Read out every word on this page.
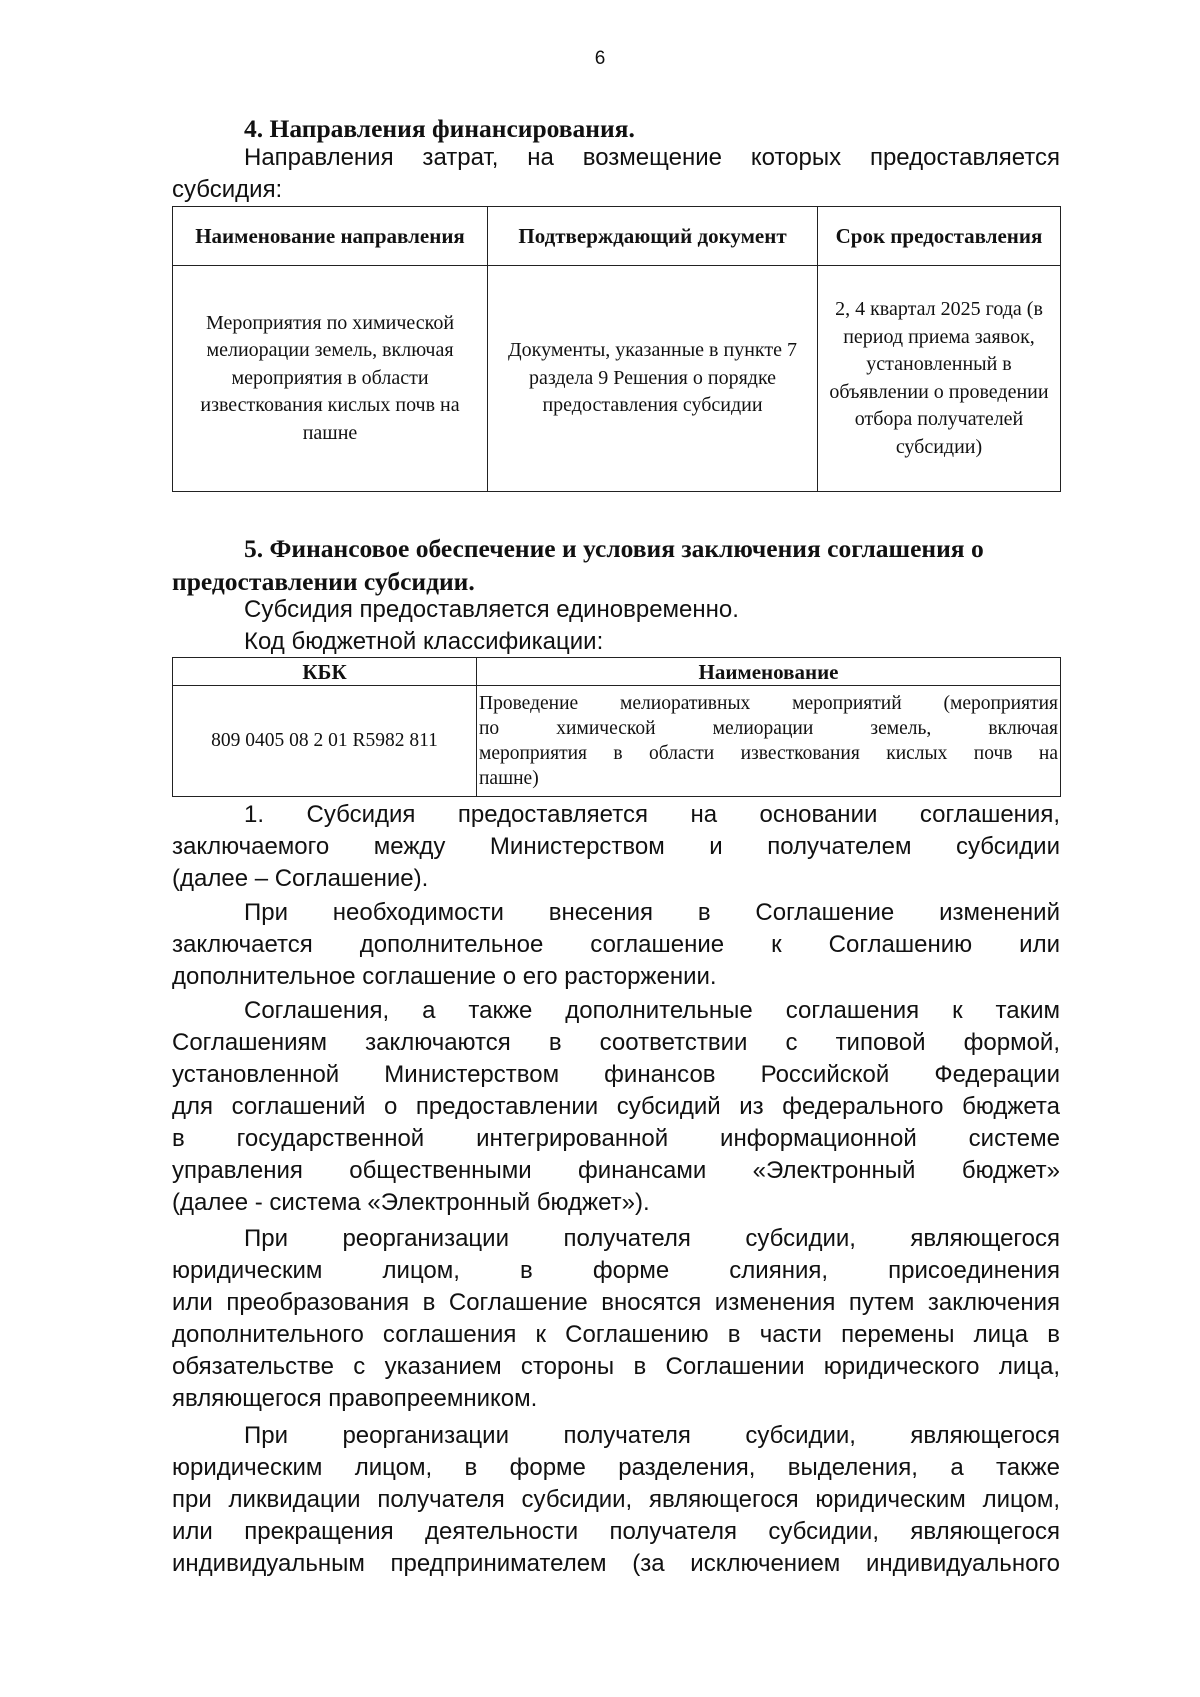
6
4. Направления финансирования.
Направления затрат, на возмещение которых предоставляется
субсидия:
Наименование направления	Подтверждающий документ	Срок предоставления
Мероприятия по химической мелиорации земель, включая мероприятия в области известкования кислых почв на пашне	Документы, указанные в пункте 7 раздела 9 Решения о порядке предоставления субсидии	2, 4 квартал 2025 года (в период приема заявок, установленный в объявлении о проведении отбора получателей субсидии)
5. Финансовое обеспечение и условия заключения соглашения о предоставлении субсидии.
Субсидия предоставляется единовременно.
Код бюджетной классификации:
КБК	Наименование
809 0405 08 2 01 R5982 811	Проведение мелиоративных мероприятий (мероприятия
по химической мелиорации земель, включая
мероприятия в области известкования кислых почв на
пашне)
1. Субсидия предоставляется на основании соглашения,
заключаемого между Министерством и получателем субсидии
(далее – Соглашение).
При необходимости внесения в Соглашение изменений
заключается дополнительное соглашение к Соглашению или
дополнительное соглашение о его расторжении.
Соглашения, а также дополнительные соглашения к таким
Соглашениям заключаются в соответствии с типовой формой,
установленной Министерством финансов Российской Федерации
для соглашений о предоставлении субсидий из федерального бюджета
в государственной интегрированной информационной системе
управления общественными финансами «Электронный бюджет»
(далее - система «Электронный бюджет»).
При реорганизации получателя субсидии, являющегося
юридическим лицом, в форме слияния, присоединения
или преобразования в Соглашение вносятся изменения путем заключения
дополнительного соглашения к Соглашению в части перемены лица в
обязательстве с указанием стороны в Соглашении юридического лица,
являющегося правопреемником.
При реорганизации получателя субсидии, являющегося
юридическим лицом, в форме разделения, выделения, а также
при ликвидации получателя субсидии, являющегося юридическим лицом,
или прекращения деятельности получателя субсидии, являющегося
индивидуальным предпринимателем (за исключением индивидуального
